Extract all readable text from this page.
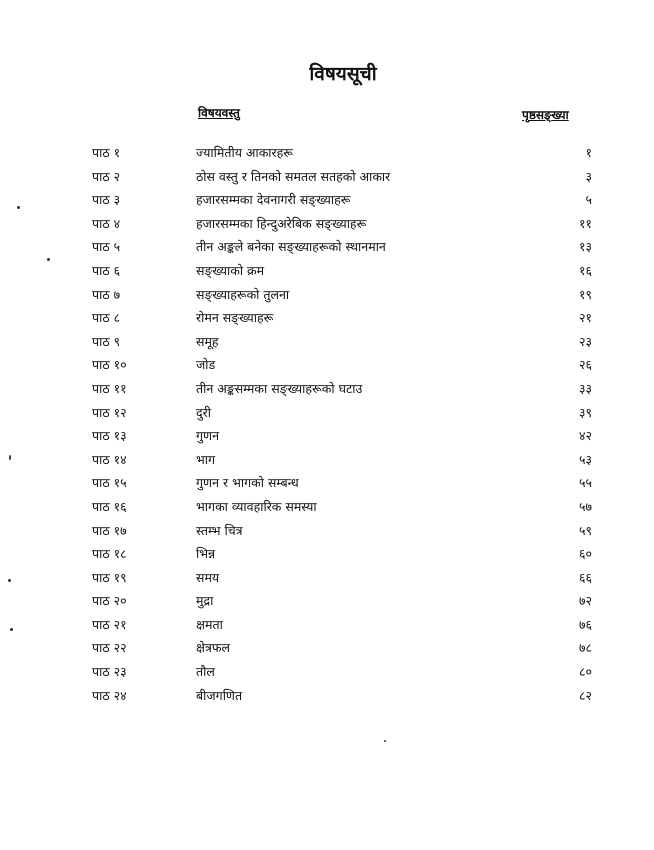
विषयसूची
विषयवस्तु	पृष्ठसङ्ख्या
पाठ १	ज्यामितीय आकारहरू	१
पाठ २	ठोस वस्तु र तिनको समतल सतहको आकार	३
पाठ ३	हजारसम्मका देवनागरी सङ्ख्याहरू	५
पाठ ४	हजारसम्मका हिन्दुअरेबिक सङ्ख्याहरू	११
पाठ ५	तीन अङ्कले बनेका सङ्ख्याहरूको स्थानमान	१३
पाठ ६	सङ्ख्याको क्रम	१६
पाठ ७	सङ्ख्याहरूको तुलना	१९
पाठ ८	रोमन सङ्ख्याहरू	२१
पाठ ९	समूह	२३
पाठ १०	जोड	२६
पाठ ११	तीन अङ्कसम्मका सङ्ख्याहरूको घटाउ	३३
पाठ १२	दुरी	३९
पाठ १३	गुणन	४२
पाठ १४	भाग	५३
पाठ १५	गुणन र भागको सम्बन्ध	५५
पाठ १६	भागका व्यावहारिक समस्या	५७
पाठ १७	स्तम्भ चित्र	५९
पाठ १८	भिन्न	६०
पाठ १९	समय	६६
पाठ २०	मुद्रा	७२
पाठ २१	क्षमता	७६
पाठ २२	क्षेत्रफल	७८
पाठ २३	तौल	८०
पाठ २४	बीजगणित	८२
